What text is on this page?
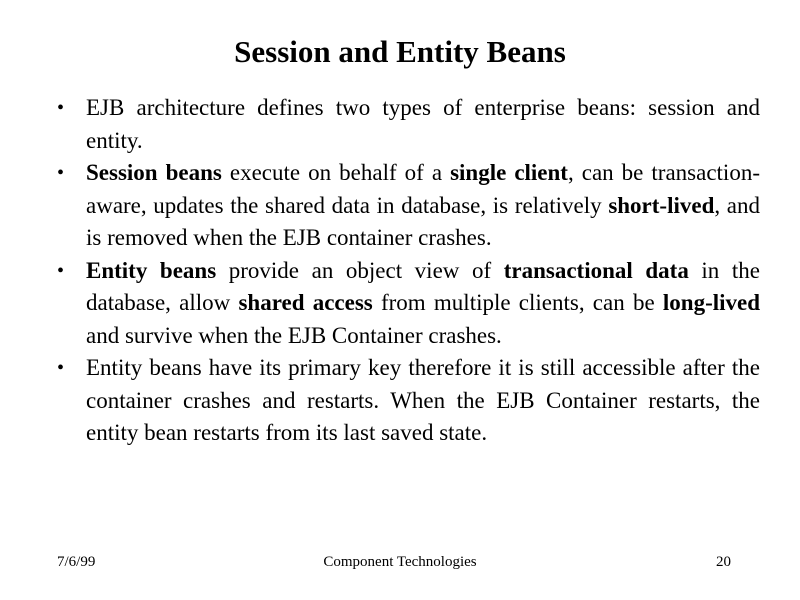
Session and Entity Beans
• EJB architecture defines two types of enterprise beans: session and entity.
• Session beans execute on behalf of a single client, can be transaction-aware, updates the shared data in database, is relatively short-lived, and is removed when the EJB container crashes.
• Entity beans provide an object view of transactional data in the database, allow shared access from multiple clients, can be long-lived and survive when the EJB Container crashes.
• Entity beans have its primary key therefore it is still accessible after the container crashes and restarts. When the EJB Container restarts, the entity bean restarts from its last saved state.
7/6/99	Component Technologies	20
